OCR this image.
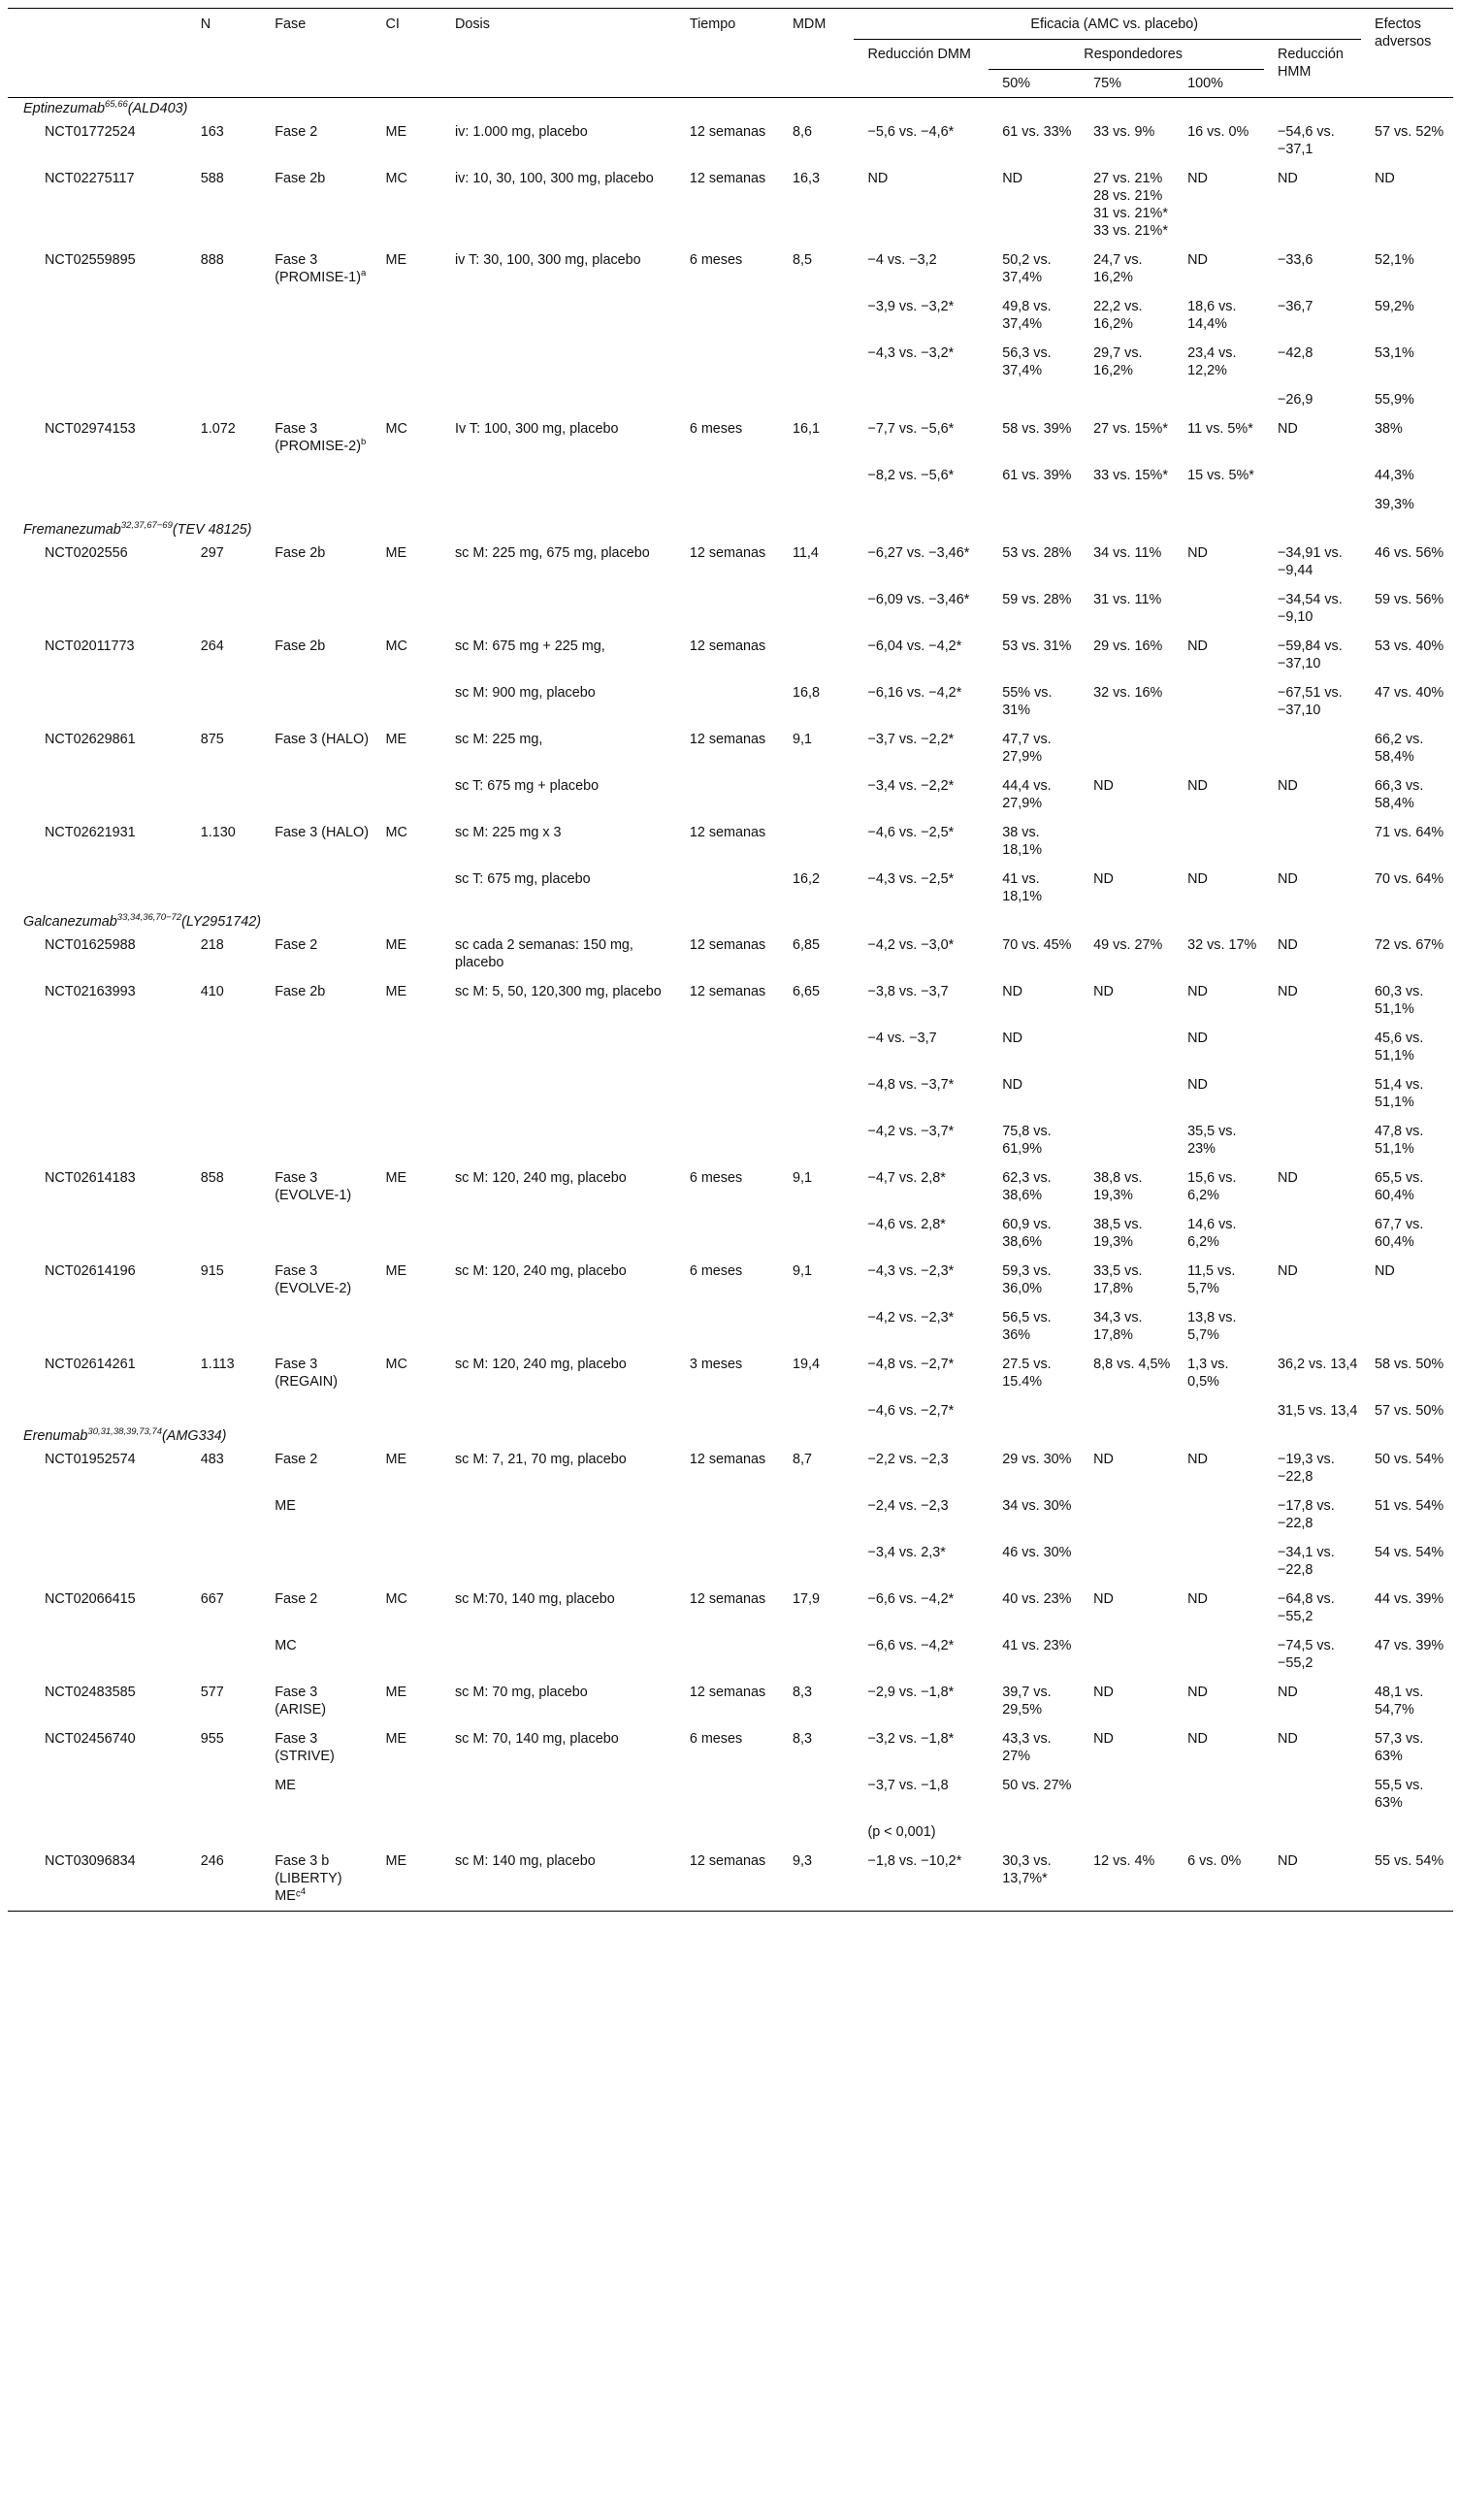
	N	Fase	CI	Dosis	Tiempo	MDM	Eficacia (AMC vs. placebo)					Efectos adversos
							Reducción DMM	Respondedores			Reducción HMM	
								50%	75%	100%		
Eptinezumab$^{65,66}$(ALD403)												
NCT01772524	163	Fase 2	ME	iv: 1.000 mg, placebo	12 semanas	8,6	−5,6 vs. −4,6*	61 vs. 33%	33 vs. 9%	16 vs. 0%	−54,6 vs. −37,1	57 vs. 52%
NCT02275117	588	Fase 2b	MC	iv: 10, 30, 100, 300 mg, placebo	12 semanas	16,3	ND	ND	27 vs. 21% 28 vs. 21% 31 vs. 21%* 33 vs. 21%*	ND	ND	ND
NCT02559895	888	Fase 3 (PROMISE-1)$^a$	ME	iv T: 30, 100, 300 mg, placebo	6 meses	8,5	−4 vs. −3,2	50,2 vs. 37,4%	24,7 vs. 16,2%	ND	−33,6	52,1%
							−3,9 vs. −3,2*	49,8 vs. 37,4%	22,2 vs. 16,2%	18,6 vs. 14,4%	−36,7	59,2%
							−4,3 vs. −3,2*	56,3 vs. 37,4%	29,7 vs. 16,2%	23,4 vs. 12,2%	−42,8	53,1%
											−26,9	55,9%
NCT02974153	1.072	Fase 3 (PROMISE-2)$^b$	MC	Iv T: 100, 300 mg, placebo	6 meses	16,1	−7,7 vs. −5,6*	58 vs. 39%	27 vs. 15%*	11 vs. 5%*	ND	38%
							−8,2 vs. −5,6*	61 vs. 39%	33 vs. 15%*	15 vs. 5%*		44,3%
												39,3%
Fremanezumab$^{32,37,67-69}$(TEV 48125)												
NCT0202556	297	Fase 2b	ME	sc M: 225 mg, 675 mg, placebo	12 semanas	11,4	−6,27 vs. −3,46*	53 vs. 28%	34 vs. 11%	ND	−34,91 vs. −9,44	46 vs. 56%
							−6,09 vs. −3,46*	59 vs. 28%	31 vs. 11%		−34,54 vs. −9,10	59 vs. 56%
NCT02011773	264	Fase 2b	MC	sc M: 675 mg + 225 mg,	12 semanas		−6,04 vs. −4,2*	53 vs. 31%	29 vs. 16%	ND	−59,84 vs. −37,10	53 vs. 40%
				sc M: 900 mg, placebo		16,8	−6,16 vs. −4,2*	55% vs. 31%	32 vs. 16%		−67,51 vs. −37,10	47 vs. 40%
NCT02629861	875	Fase 3 (HALO)	ME	sc M: 225 mg,	12 semanas	9,1	−3,7 vs. −2,2*	47,7 vs. 27,9%				66,2 vs. 58,4%
				sc T: 675 mg + placebo			−3,4 vs. −2,2*	44,4 vs. 27,9%	ND	ND	ND	66,3 vs. 58,4%
NCT02621931	1.130	Fase 3 (HALO)	MC	sc M: 225 mg x 3	12 semanas		−4,6 vs. −2,5*	38 vs. 18,1%				71 vs. 64%
				sc T: 675 mg, placebo		16,2	−4,3 vs. −2,5*	41 vs. 18,1%	ND	ND	ND	70 vs. 64%
Galcanezumab$^{33,34,36,70-72}$(LY2951742)												
NCT01625988	218	Fase 2	ME	sc cada 2 semanas: 150 mg, placebo	12 semanas	6,85	−4,2 vs. −3,0*	70 vs. 45%	49 vs. 27%	32 vs. 17%	ND	72 vs. 67%
NCT02163993	410	Fase 2b	ME	sc M: 5, 50, 120,300 mg, placebo	12 semanas	6,65	−3,8 vs. −3,7	ND	ND	ND	ND	60,3 vs. 51,1%
							−4 vs. −3,7	ND		ND		45,6 vs. 51,1%
							−4,8 vs. −3,7*	ND		ND		51,4 vs. 51,1%
							−4,2 vs. −3,7*	75,8 vs. 61,9%		35,5 vs. 23%		47,8 vs. 51,1%
NCT02614183	858	Fase 3 (EVOLVE-1)	ME	sc M: 120, 240 mg, placebo	6 meses	9,1	−4,7 vs. 2,8*	62,3 vs. 38,6%	38,8 vs. 19,3%	15,6 vs. 6,2%	ND	65,5 vs. 60,4%
							−4,6 vs. 2,8*	60,9 vs. 38,6%	38,5 vs. 19,3%	14,6 vs. 6,2%		67,7 vs. 60,4%
NCT02614196	915	Fase 3 (EVOLVE-2)	ME	sc M: 120, 240 mg, placebo	6 meses	9,1	−4,3 vs. −2,3*	59,3 vs. 36,0%	33,5 vs. 17,8%	11,5 vs. 5,7%	ND	ND
							−4,2 vs. −2,3*	56,5 vs. 36%	34,3 vs. 17,8%	13,8 vs. 5,7%		
NCT02614261	1.113	Fase 3 (REGAIN)	MC	sc M: 120, 240 mg, placebo	3 meses	19,4	−4,8 vs. −2,7*	27.5 vs. 15.4%	8,8 vs. 4,5%	1,3 vs. 0,5%	36,2 vs. 13,4	58 vs. 50%
							−4,6 vs. −2,7*				31,5 vs. 13,4	57 vs. 50%
Erenumab$^{30,31,38,39,73,74}$(AMG334)												
NCT01952574	483	Fase 2	ME	sc M: 7, 21, 70 mg, placebo	12 semanas	8,7	−2,2 vs. −2,3	29 vs. 30%	ND	ND	−19,3 vs. −22,8	50 vs. 54%
		ME					−2,4 vs. −2,3	34 vs. 30%			−17,8 vs. −22,8	51 vs. 54%
							−3,4 vs. 2,3*	46 vs. 30%			−34,1 vs. −22,8	54 vs. 54%
NCT02066415	667	Fase 2	MC	sc M:70, 140 mg, placebo	12 semanas	17,9	−6,6 vs. −4,2*	40 vs. 23%	ND	ND	−64,8 vs. −55,2	44 vs. 39%
		MC					−6,6 vs. −4,2*	41 vs. 23%			−74,5 vs. −55,2	47 vs. 39%
NCT02483585	577	Fase 3 (ARISE)	ME	sc M: 70 mg, placebo	12 semanas	8,3	−2,9 vs. −1,8*	39,7 vs. 29,5%	ND	ND	ND	48,1 vs. 54,7%
NCT02456740	955	Fase 3 (STRIVE)	ME	sc M: 70, 140 mg, placebo	6 meses	8,3	−3,2 vs. −1,8*	43,3 vs. 27%	ND	ND	ND	57,3 vs. 63%
		ME					−3,7 vs. −1,8	50 vs. 27%				55,5 vs. 63%
							(p < 0,001)					
NCT03096834	246	Fase 3 b (LIBERTY) MEᶜ$^4$	ME	sc M: 140 mg, placebo	12 semanas	9,3	−1,8 vs. −10,2*	30,3 vs. 13,7%*	12 vs. 4%	6 vs. 0%	ND	55 vs. 54%
